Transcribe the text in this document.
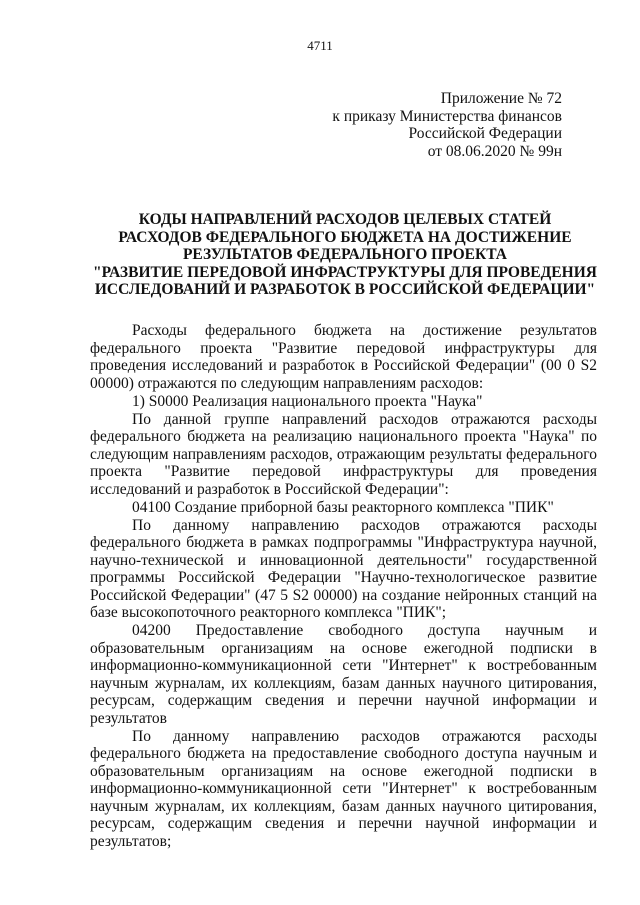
4711
Приложение № 72
к приказу Министерства финансов
Российской Федерации
от 08.06.2020 № 99н
КОДЫ НАПРАВЛЕНИЙ РАСХОДОВ ЦЕЛЕВЫХ СТАТЕЙ
РАСХОДОВ ФЕДЕРАЛЬНОГО БЮДЖЕТА НА ДОСТИЖЕНИЕ
РЕЗУЛЬТАТОВ ФЕДЕРАЛЬНОГО ПРОЕКТА
"РАЗВИТИЕ ПЕРЕДОВОЙ ИНФРАСТРУКТУРЫ ДЛЯ ПРОВЕДЕНИЯ
ИССЛЕДОВАНИЙ И РАЗРАБОТОК В РОССИЙСКОЙ ФЕДЕРАЦИИ"

Расходы федерального бюджета на достижение результатов федерального проекта "Развитие передовой инфраструктуры для проведения исследований и разработок в Российской Федерации" (00 0 S2 00000) отражаются по следующим направлениям расходов:

1) S0000 Реализация национального проекта "Наука"

По данной группе направлений расходов отражаются расходы федерального бюджета на реализацию национального проекта "Наука" по следующим направлениям расходов, отражающим результаты федерального проекта "Развитие передовой инфраструктуры для проведения исследований и разработок в Российской Федерации":

04100 Создание приборной базы реакторного комплекса "ПИК"

По данному направлению расходов отражаются расходы федерального бюджета в рамках подпрограммы "Инфраструктура научной, научно-технической и инновационной деятельности" государственной программы Российской Федерации "Научно-технологическое развитие Российской Федерации" (47 5 S2 00000) на создание нейронных станций на базе высокопоточного реакторного комплекса "ПИК";

04200 Предоставление свободного доступа научным и образовательным организациям на основе ежегодной подписки в информационно-коммуникационной сети "Интернет" к востребованным научным журналам, их коллекциям, базам данных научного цитирования, ресурсам, содержащим сведения и перечни научной информации и результатов

По данному направлению расходов отражаются расходы федерального бюджета на предоставление свободного доступа научным и образовательным организациям на основе ежегодной подписки в информационно-коммуникационной сети "Интернет" к востребованным научным журналам, их коллекциям, базам данных научного цитирования, ресурсам, содержащим сведения и перечни научной информации и результатов;
